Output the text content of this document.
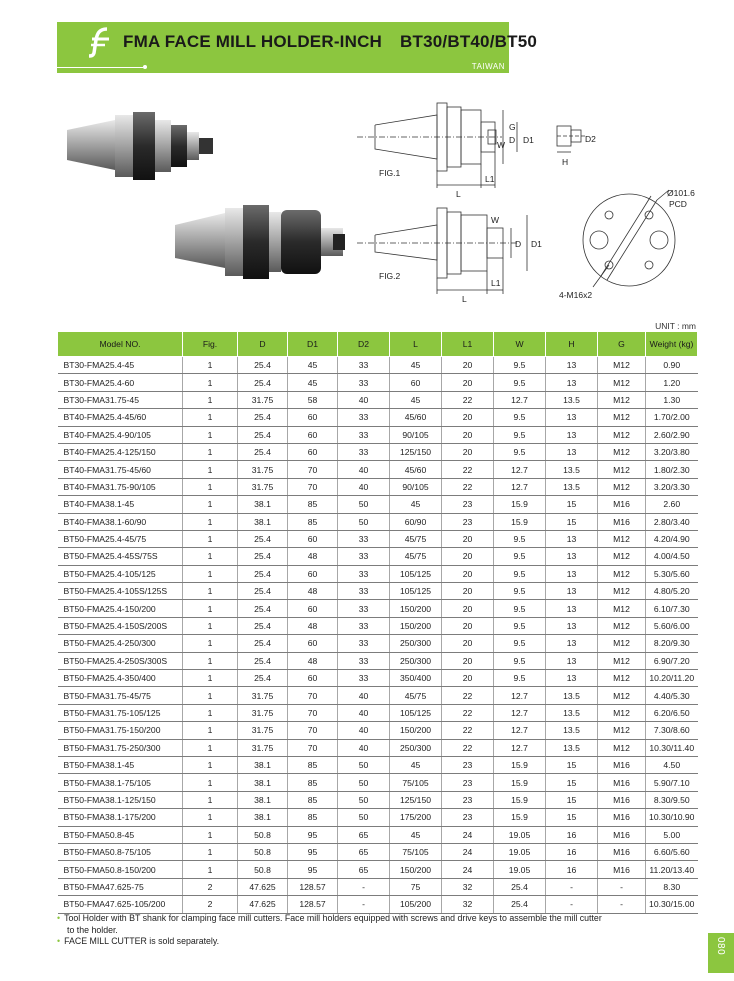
FMA FACE MILL HOLDER-INCH BT30/BT40/BT50
TAIWAN
G
W D D1	D2
H
L
L1
FIG.1
W
D D1
L
L1
FIG.2
Ø101.6
PCD
4-M16x2
UNIT : mm
Model NO.	Fig.	D	D1	D2	L	L1	W	H	G	Weight (kg)
BT30-FMA25.4-45	1	25.4	45	33	45	20	9.5	13	M12	0.90
BT30-FMA25.4-60	1	25.4	45	33	60	20	9.5	13	M12	1.20
BT30-FMA31.75-45	1	31.75	58	40	45	22	12.7	13.5	M12	1.30
BT40-FMA25.4-45/60	1	25.4	60	33	45/60	20	9.5	13	M12	1.70/2.00
BT40-FMA25.4-90/105	1	25.4	60	33	90/105	20	9.5	13	M12	2.60/2.90
BT40-FMA25.4-125/150	1	25.4	60	33	125/150	20	9.5	13	M12	3.20/3.80
BT40-FMA31.75-45/60	1	31.75	70	40	45/60	22	12.7	13.5	M12	1.80/2.30
BT40-FMA31.75-90/105	1	31.75	70	40	90/105	22	12.7	13.5	M12	3.20/3.30
BT40-FMA38.1-45	1	38.1	85	50	45	23	15.9	15	M16	2.60
BT40-FMA38.1-60/90	1	38.1	85	50	60/90	23	15.9	15	M16	2.80/3.40
BT50-FMA25.4-45/75	1	25.4	60	33	45/75	20	9.5	13	M12	4.20/4.90
BT50-FMA25.4-45S/75S	1	25.4	48	33	45/75	20	9.5	13	M12	4.00/4.50
BT50-FMA25.4-105/125	1	25.4	60	33	105/125	20	9.5	13	M12	5.30/5.60
BT50-FMA25.4-105S/125S	1	25.4	48	33	105/125	20	9.5	13	M12	4.80/5.20
BT50-FMA25.4-150/200	1	25.4	60	33	150/200	20	9.5	13	M12	6.10/7.30
BT50-FMA25.4-150S/200S	1	25.4	48	33	150/200	20	9.5	13	M12	5.60/6.00
BT50-FMA25.4-250/300	1	25.4	60	33	250/300	20	9.5	13	M12	8.20/9.30
BT50-FMA25.4-250S/300S	1	25.4	48	33	250/300	20	9.5	13	M12	6.90/7.20
BT50-FMA25.4-350/400	1	25.4	60	33	350/400	20	9.5	13	M12	10.20/11.20
BT50-FMA31.75-45/75	1	31.75	70	40	45/75	22	12.7	13.5	M12	4.40/5.30
BT50-FMA31.75-105/125	1	31.75	70	40	105/125	22	12.7	13.5	M12	6.20/6.50
BT50-FMA31.75-150/200	1	31.75	70	40	150/200	22	12.7	13.5	M12	7.30/8.60
BT50-FMA31.75-250/300	1	31.75	70	40	250/300	22	12.7	13.5	M12	10.30/11.40
BT50-FMA38.1-45	1	38.1	85	50	45	23	15.9	15	M16	4.50
BT50-FMA38.1-75/105	1	38.1	85	50	75/105	23	15.9	15	M16	5.90/7.10
BT50-FMA38.1-125/150	1	38.1	85	50	125/150	23	15.9	15	M16	8.30/9.50
BT50-FMA38.1-175/200	1	38.1	85	50	175/200	23	15.9	15	M16	10.30/10.90
BT50-FMA50.8-45	1	50.8	95	65	45	24	19.05	16	M16	5.00
BT50-FMA50.8-75/105	1	50.8	95	65	75/105	24	19.05	16	M16	6.60/5.60
BT50-FMA50.8-150/200	1	50.8	95	65	150/200	24	19.05	16	M16	11.20/13.40
BT50-FMA47.625-75	2	47.625	128.57	-	75	32	25.4	-	-	8.30
BT50-FMA47.625-105/200	2	47.625	128.57	-	105/200	32	25.4	-	-	10.30/15.00
• Tool Holder with BT shank for clamping face mill cutters. Face mill holders equipped with screws and drive keys to assemble the mill cutter
to the holder.
• FACE MILL CUTTER is sold separately.	080
